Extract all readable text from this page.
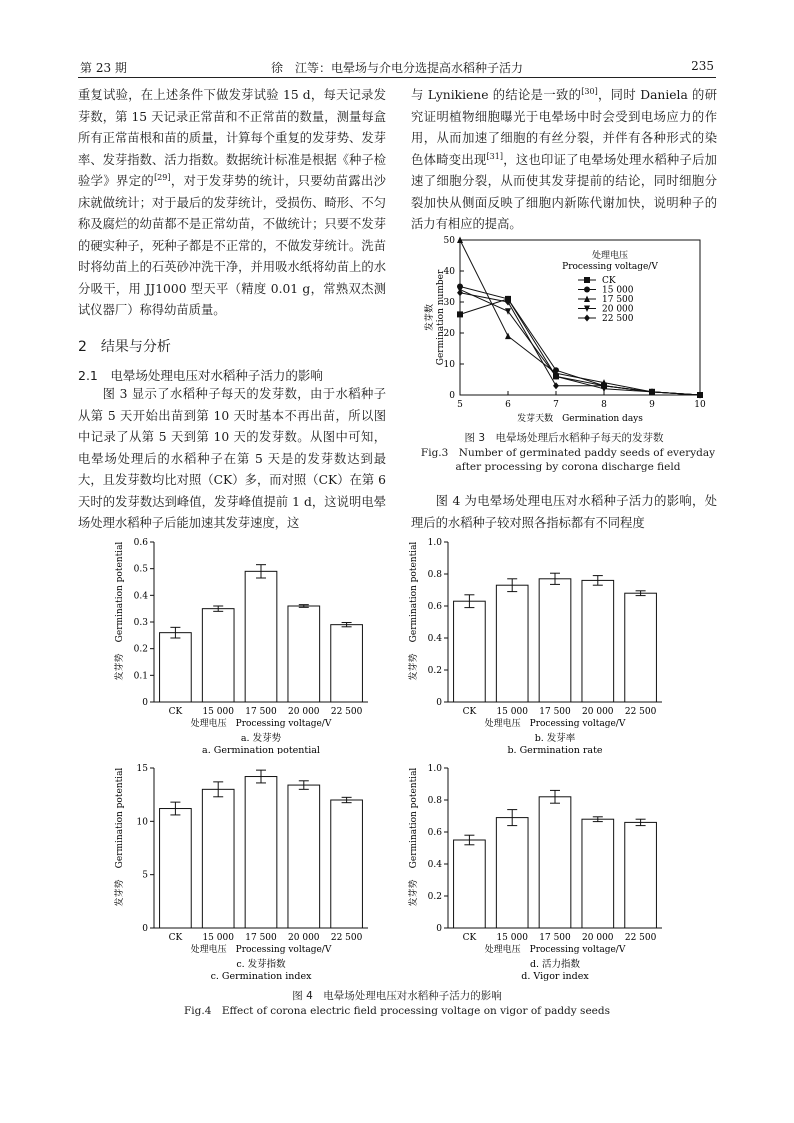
第 23 期	徐　江等：电晕场与介电分选提高水稻种子活力	235

重复试验，在上述条件下做发芽试验 15 d，每天记录发芽数，第 15 天记录正常苗和不正常苗的数量，测量每盒所有正常苗根和苗的质量，计算每个重复的发芽势、发芽率、发芽指数、活力指数。数据统计标准是根据《种子检验学》界定的[29]，对于发芽势的统计，只要幼苗露出沙床就做统计；对于最后的发芽统计，受损伤、畸形、不匀称及腐烂的幼苗都不是正常幼苗，不做统计；只要不发芽的硬实种子，死种子都是不正常的，不做发芽统计。洗苗时将幼苗上的石英砂冲洗干净，并用吸水纸将幼苗上的水分吸干，用 JJ1000 型天平（精度 0.01 g，常熟双杰测试仪器厂）称得幼苗质量。

2　结果与分析
2.1　电晕场处理电压对水稻种子活力的影响

图 3 显示了水稻种子每天的发芽数，由于水稻种子从第 5 天开始出苗到第 10 天时基本不再出苗，所以图中记录了从第 5 天到第 10 天的发芽数。从图中可知，电晕场处理后的水稻种子在第 5 天是的发芽数达到最大，且发芽数均比对照（CK）多，而对照（CK）在第 6 天时的发芽数达到峰值，发芽峰值提前 1 d，这说明电晕场处理水稻种子后能加速其发芽速度，这

与 Lynikiene 的结论是一致的[30]，同时 Daniela 的研究证明植物细胞曝光于电晕场中时会受到电场应力的作用，从而加速了细胞的有丝分裂，并伴有各种形式的染色体畸变出现[31]，这也印证了电晕场处理水稻种子后加速了细胞分裂，从而使其发芽提前的结论，同时细胞分裂加快从侧面反映了细胞内新陈代谢加快，说明种子的活力有相应的提高。

0
10
20
30
40
50
5	6	7	8	9	10
发芽天数　Germination days
发芽数 Germination number
处理电压
Processing voltage/V
CK
15 000
17 500
20 000
22 500
图 3　电晕场处理后水稻种子每天的发芽数
Fig.3　Number of germinated paddy seeds of everyday after processing by corona discharge field

图 4 为电晕场处理电压对水稻种子活力的影响，处理后的水稻种子较对照各指标都有不同程度

0
0.1
0.2
0.3
0.4
0.5
0.6
CK 15 000 17 500 20 000 22 500
处理电压　Processing voltage/V
发芽势
Germination potential
a. 发芽势
a. Germination potential
0
0.2
0.4
0.6
0.8
1.0
CK 15 000 17 500 20 000 22 500
处理电压　Processing voltage/V
发芽势
Germination potential
b. 发芽率
b. Germination rate
0
5
10
15
CK 15 000 17 500 20 000 22 500
处理电压　Processing voltage/V
发芽势
Germination potential
c. 发芽指数
c. Germination index
0
0.2
0.4
0.6
0.8
1.0
CK 15 000 17 500 20 000 22 500
处理电压　Processing voltage/V
发芽势
Germination potential
d. 活力指数
d. Vigor index
图 4　电晕场处理电压对水稻种子活力的影响
Fig.4　Effect of corona electric field processing voltage on vigor of paddy seeds
